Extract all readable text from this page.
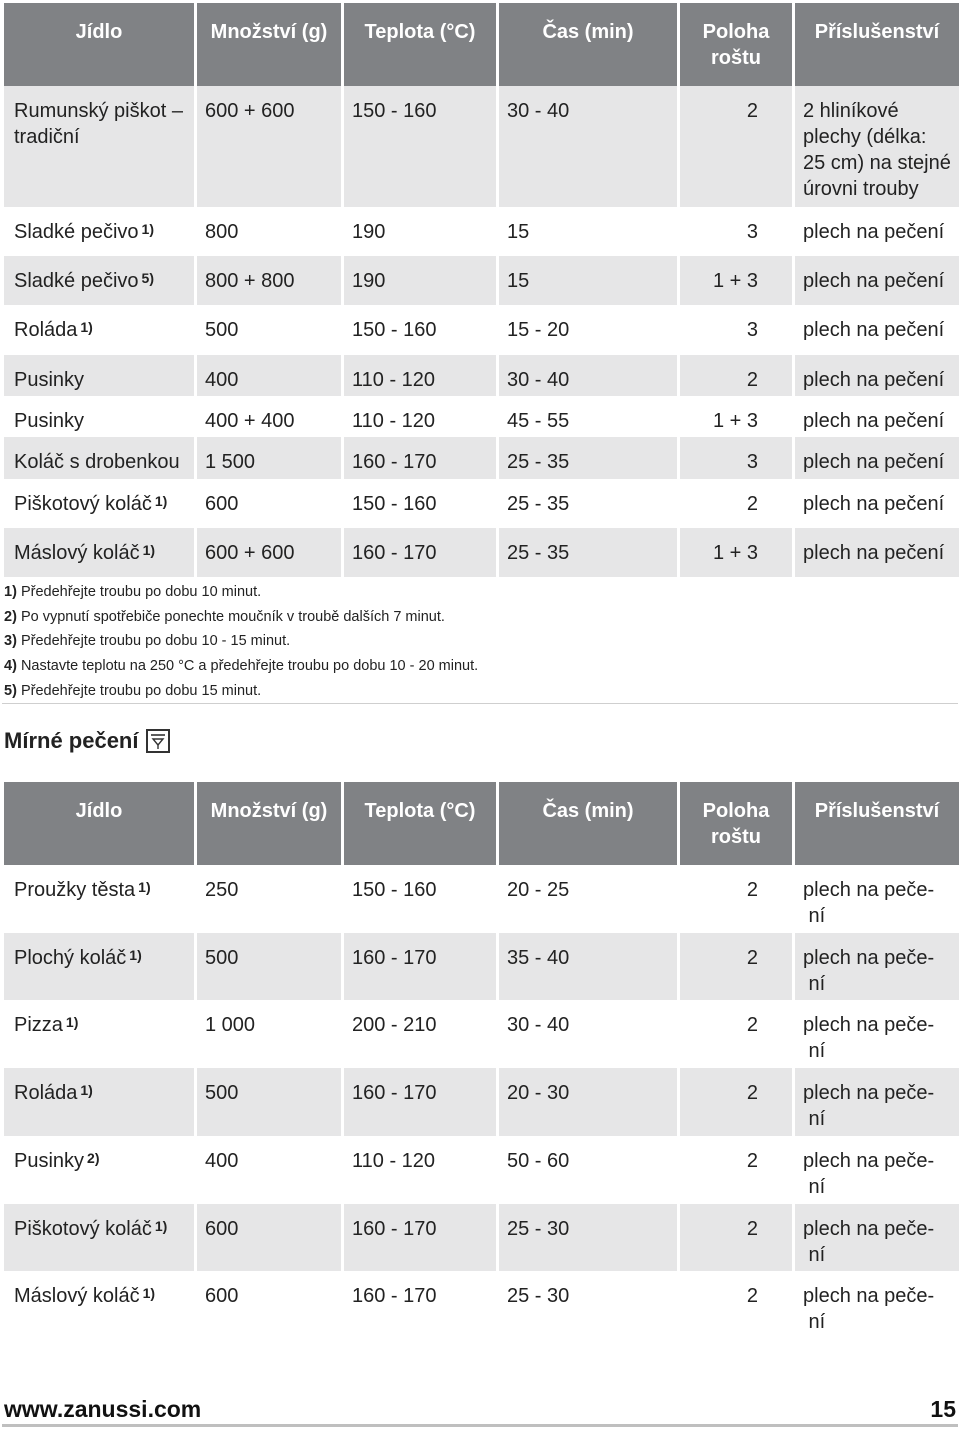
Jídlo	Množství (g)	Teplota (°C)	Čas (min)	Poloha roštu	Příslušenství
Rumunský piškot – tradiční	600 + 600	150 - 160	30 - 40	2	2 hliníkové plechy (délka: 25 cm) na stejné úrovni trouby
Sladké pečivo $^{1)}$	800	190	15	3	plech na pečení
Sladké pečivo $^{5)}$	800 + 800	190	15	1 + 3	plech na pečení
Roláda $^{1)}$	500	150 - 160	15 - 20	3	plech na pečení
Pusinky	400	110 - 120	30 - 40	2	plech na pečení
Pusinky	400 + 400	110 - 120	45 - 55	1 + 3	plech na pečení
Koláč s drobenkou	1 500	160 - 170	25 - 35	3	plech na pečení
Piškotový koláč $^{1)}$	600	150 - 160	25 - 35	2	plech na pečení
Máslový koláč $^{1)}$	600 + 600	160 - 170	25 - 35	1 + 3	plech na pečení
1) Předehřejte troubu po dobu 10 minut.
2) Po vypnutí spotřebiče ponechte moučník v troubě dalších 7 minut.
3) Předehřejte troubu po dobu 10 - 15 minut.
4) Nastavte teplotu na 250 °C a předehřejte troubu po dobu 10 - 20 minut.
5) Předehřejte troubu po dobu 15 minut.
Mírné pečení
Jídlo	Množství (g)	Teplota (°C)	Čas (min)	Poloha roštu	Příslušenství
Proužky těsta $^{1)}$	250	150 - 160	20 - 25	2	plech na peče- ní
Plochý koláč $^{1)}$	500	160 - 170	35 - 40	2	plech na peče- ní
Pizza $^{1)}$	1 000	200 - 210	30 - 40	2	plech na peče- ní
Roláda $^{1)}$	500	160 - 170	20 - 30	2	plech na peče- ní
Pusinky $^{2)}$	400	110 - 120	50 - 60	2	plech na peče- ní
Piškotový koláč $^{1)}$	600	160 - 170	25 - 30	2	plech na peče- ní
Máslový koláč $^{1)}$	600	160 - 170	25 - 30	2	plech na peče- ní
www.zanussi.com	15
